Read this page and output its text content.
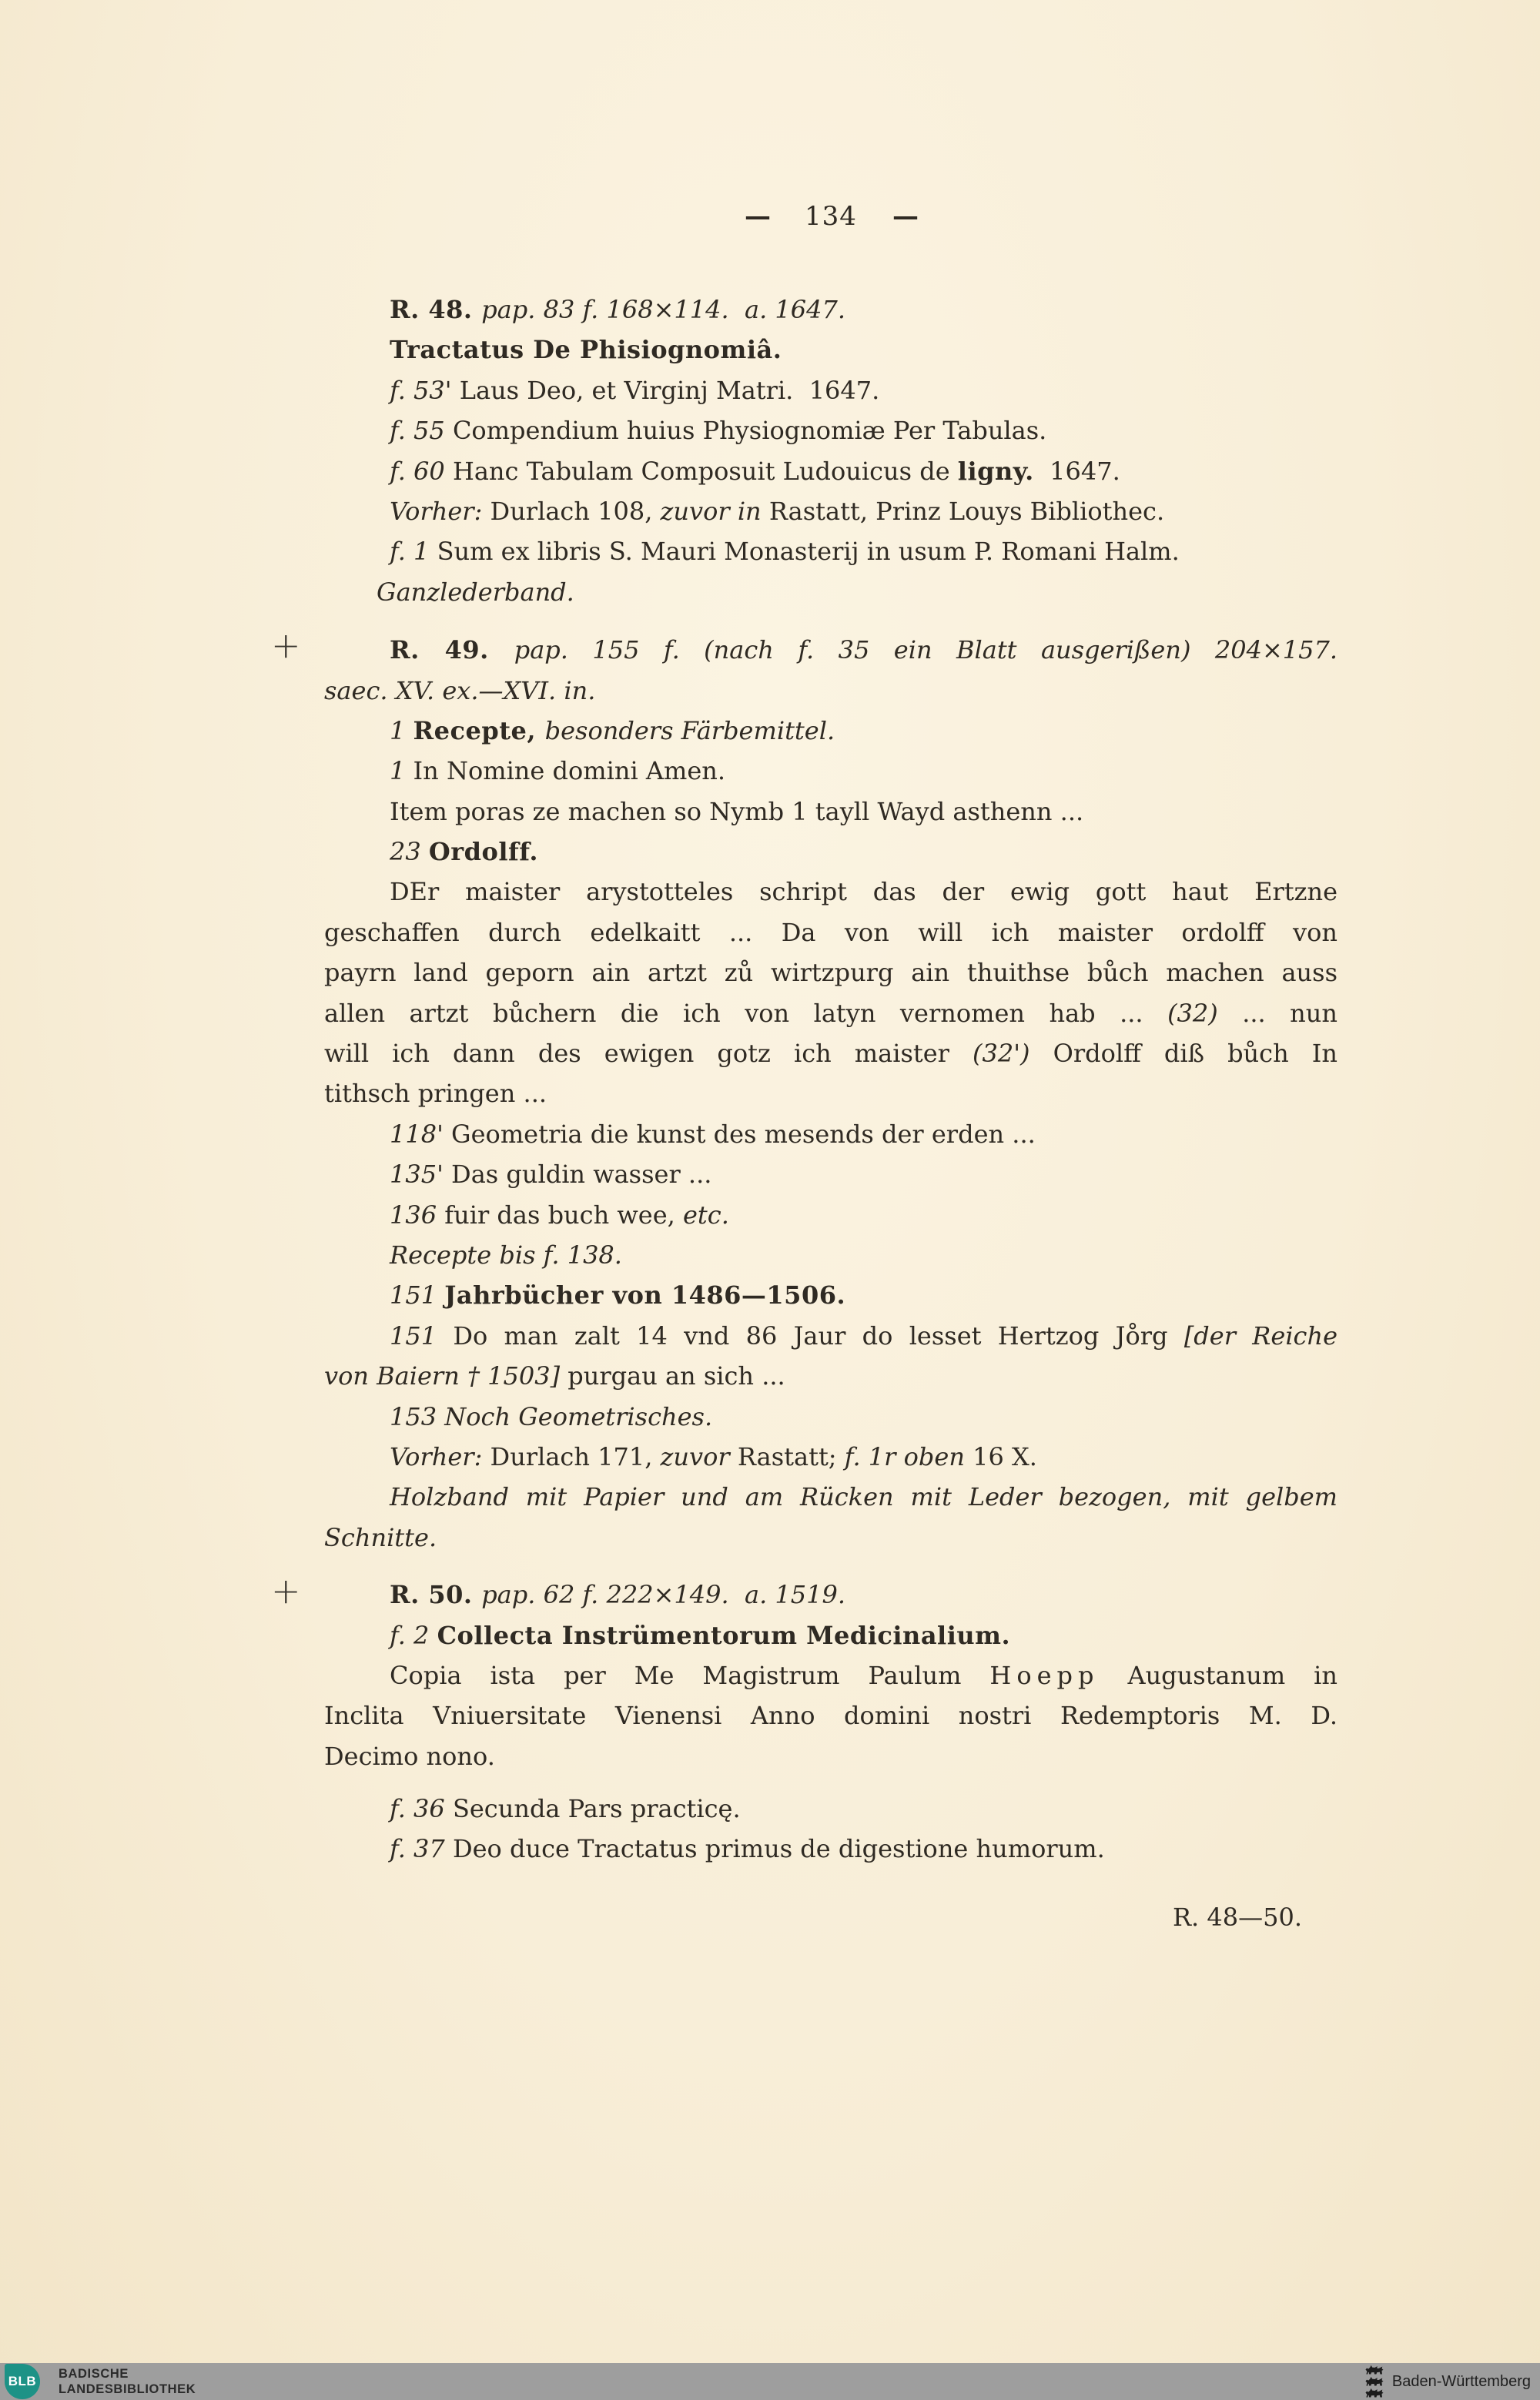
— 134 —
+
+
R. 48. pap. 83 f. 168×114.  a. 1647.
Tractatus De Phisiognomiâ.
f. 53' Laus Deo, et Virginj Matri.  1647.
f. 55 Compendium huius Physiognomiæ Per Tabulas.
f. 60 Hanc Tabulam Composuit Ludouicus de ligny.  1647.
Vorher: Durlach 108, zuvor in Rastatt, Prinz Louys Bibliothec.
f. 1 Sum ex libris S. Mauri Monasterij in usum P. Romani Halm.
Ganzlederband.
R. 49. pap. 155 f. (nach f. 35 ein Blatt ausgerißen) 204×157.
saec. XV. ex.—XVI. in.
1 Recepte, besonders Färbemittel.
1 In Nomine domini Amen.
Item poras ze machen so Nymb 1 tayll Wayd asthenn ...
23 Ordolff.
DEr maister arystotteles schript das der ewig gott haut Ertzne
geschaffen durch edelkaitt ... Da von will ich maister ordolff von
payrn land geporn ain artzt zů wirtzpurg ain thuithse bůch machen auss
allen artzt bůchern die ich von latyn vernomen hab ... (32) ... nun
will ich dann des ewigen gotz ich maister (32') Ordolff diß bůch In
tithsch pringen ...
118' Geometria die kunst des mesends der erden ...
135' Das guldin wasser ...
136 fuir das buch wee, etc.
Recepte bis f. 138.
151 Jahrbücher von 1486—1506.
151 Do man zalt 14 vnd 86 Jaur do lesset Hertzog Jo̊rg [der Reiche
von Baiern † 1503] purgau an sich ...
153 Noch Geometrisches.
Vorher: Durlach 171, zuvor Rastatt; f. 1r oben 16 X.
Holzband mit Papier und am Rücken mit Leder bezogen, mit gelbem
Schnitte.
R. 50. pap. 62 f. 222×149.  a. 1519.
f. 2 Collecta Instrümentorum Medicinalium.
Copia ista per Me Magistrum Paulum Hoepp Augustanum in
Inclita Vniuersitate Vienensi Anno domini nostri Redemptoris M. D.
Decimo nono.
f. 36 Secunda Pars practicę.
f. 37 Deo duce Tractatus primus de digestione humorum.
R. 48—50.
BLB BADISCHE
LANDESBIBLIOTHEK	Baden-Württemberg
